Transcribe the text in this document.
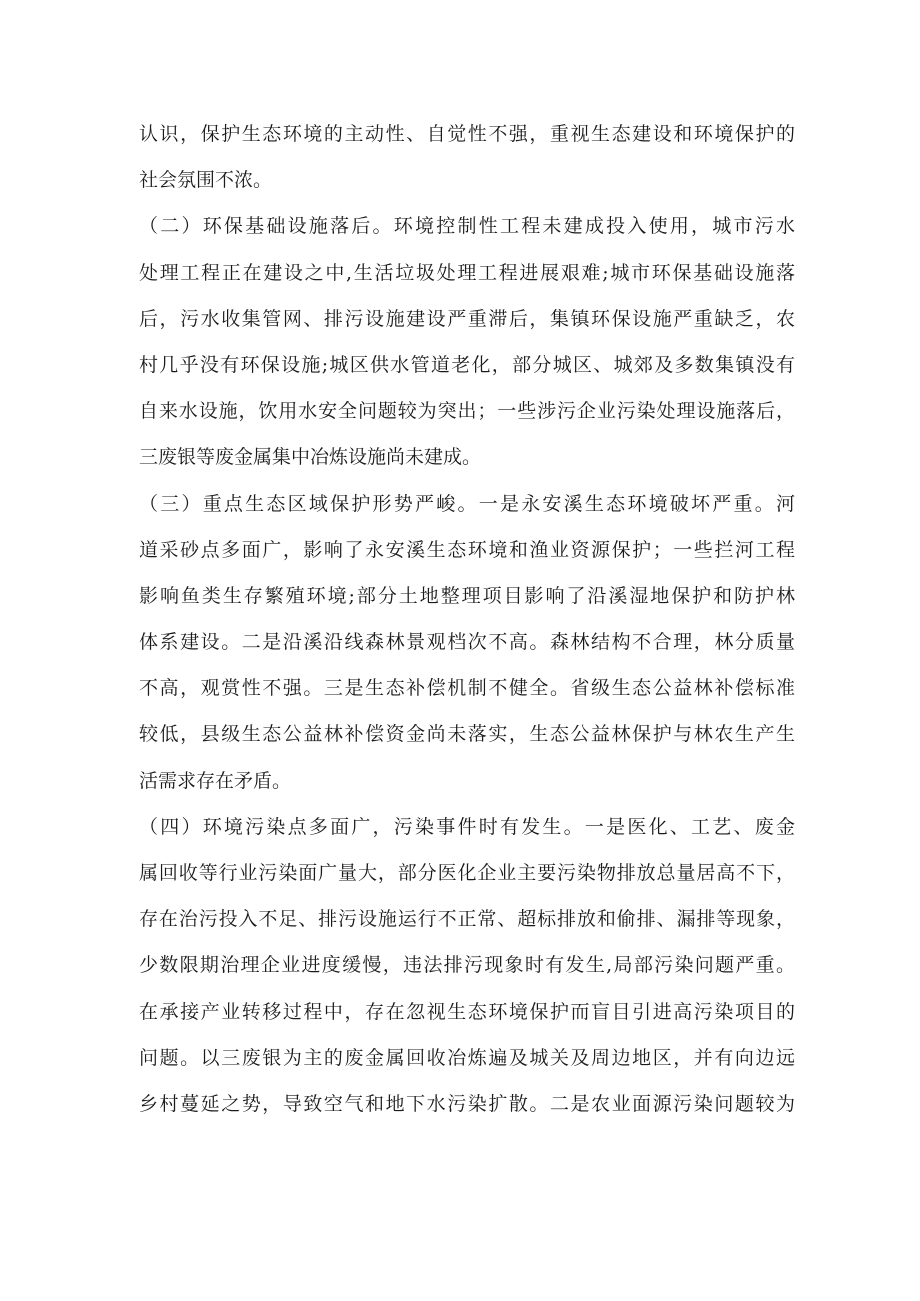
认识，保护生态环境的主动性、自觉性不强，重视生态建设和环境保护的
社会氛围不浓。
（二）环保基础设施落后。环境控制性工程未建成投入使用，城市污水
处理工程正在建设之中,生活垃圾处理工程进展艰难;城市环保基础设施落
后，污水收集管网、排污设施建设严重滞后，集镇环保设施严重缺乏，农
村几乎没有环保设施;城区供水管道老化，部分城区、城郊及多数集镇没有
自来水设施，饮用水安全问题较为突出；一些涉污企业污染处理设施落后，
三废银等废金属集中冶炼设施尚未建成。
（三）重点生态区域保护形势严峻。一是永安溪生态环境破坏严重。河
道采砂点多面广，影响了永安溪生态环境和渔业资源保护；一些拦河工程
影响鱼类生存繁殖环境;部分土地整理项目影响了沿溪湿地保护和防护林
体系建设。二是沿溪沿线森林景观档次不高。森林结构不合理，林分质量
不高，观赏性不强。三是生态补偿机制不健全。省级生态公益林补偿标准
较低，县级生态公益林补偿资金尚未落实，生态公益林保护与林农生产生
活需求存在矛盾。
（四）环境污染点多面广，污染事件时有发生。一是医化、工艺、废金
属回收等行业污染面广量大，部分医化企业主要污染物排放总量居高不下，
存在治污投入不足、排污设施运行不正常、超标排放和偷排、漏排等现象，
少数限期治理企业进度缓慢，违法排污现象时有发生,局部污染问题严重。
在承接产业转移过程中，存在忽视生态环境保护而盲目引进高污染项目的
问题。以三废银为主的废金属回收冶炼遍及城关及周边地区，并有向边远
乡村蔓延之势，导致空气和地下水污染扩散。二是农业面源污染问题较为
